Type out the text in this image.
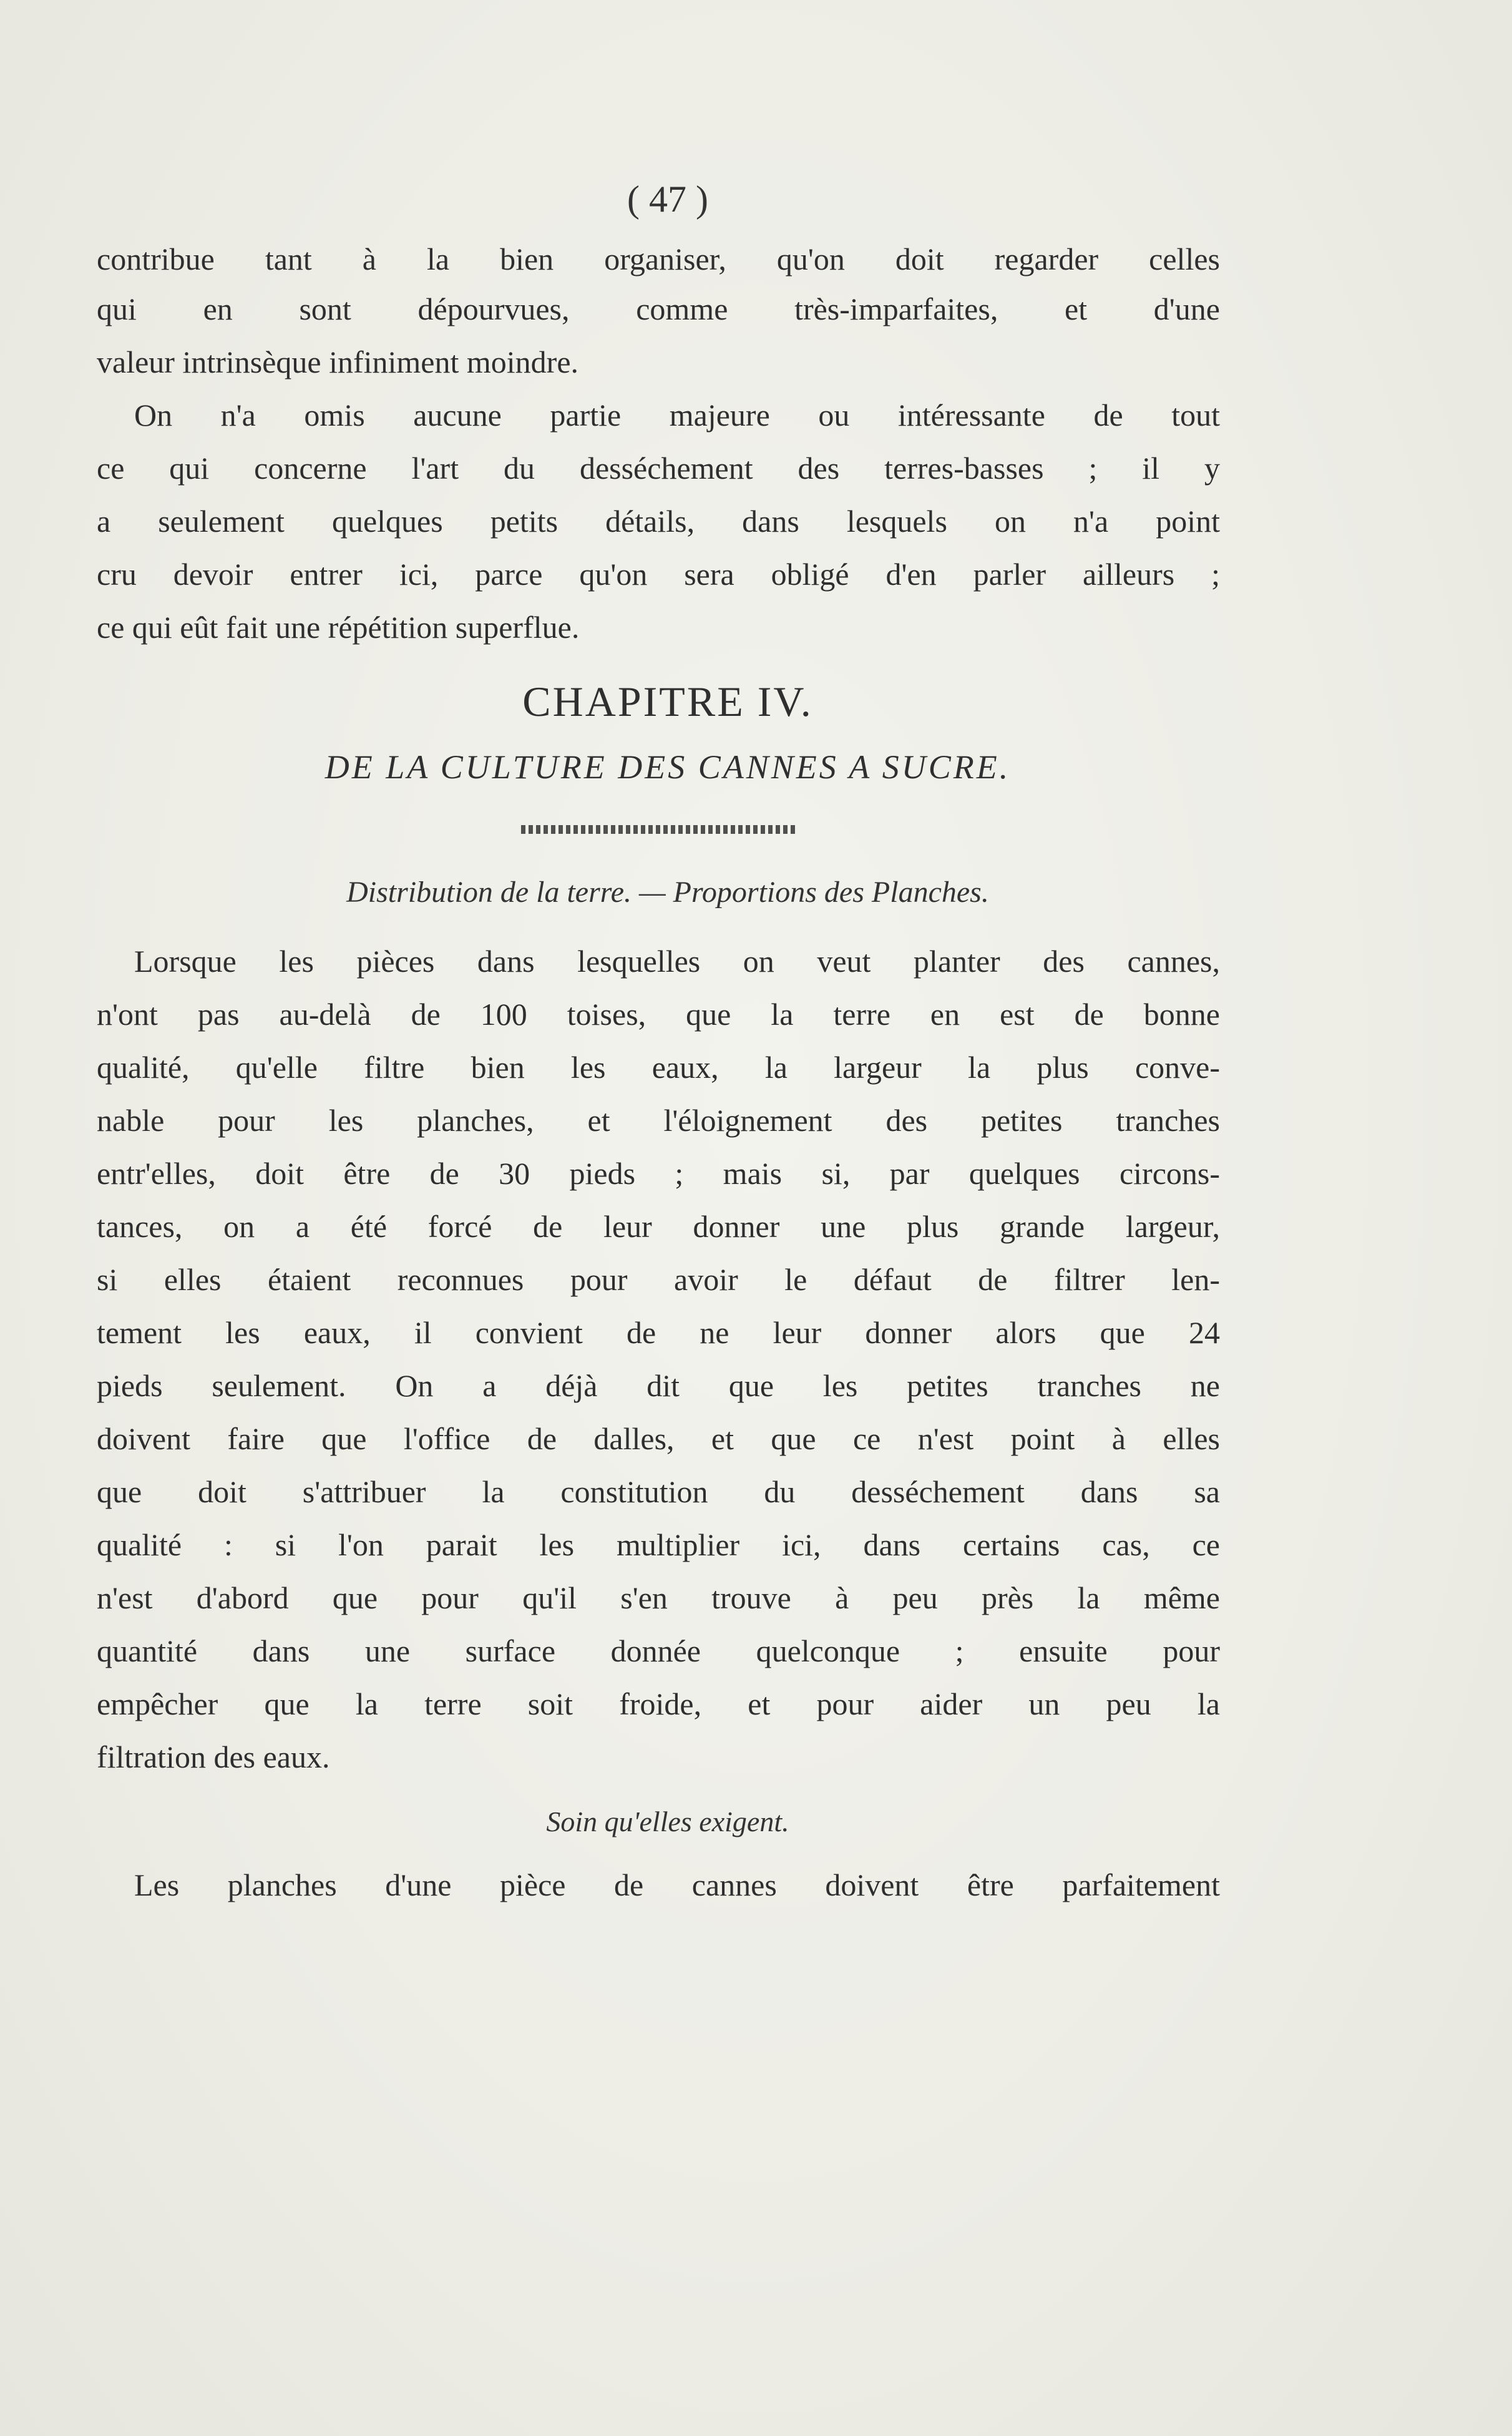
( 47 )
contribue tant à la bien organiser, qu'on doit regarder celles
qui en sont dépourvues, comme très-imparfaites, et d'une
valeur intrinsèque infiniment moindre.
On n'a omis aucune partie majeure ou intéressante de tout
ce qui concerne l'art du desséchement des terres-basses ; il y
a seulement quelques petits détails, dans lesquels on n'a point
cru devoir entrer ici, parce qu'on sera obligé d'en parler ailleurs ;
ce qui eût fait une répétition superflue.
CHAPITRE IV.
DE LA CULTURE DES CANNES A SUCRE.
Distribution de la terre. — Proportions des Planches.
Lorsque les pièces dans lesquelles on veut planter des cannes,
n'ont pas au-delà de 100 toises, que la terre en est de bonne
qualité, qu'elle filtre bien les eaux, la largeur la plus conve-
nable pour les planches, et l'éloignement des petites tranches
entr'elles, doit être de 30 pieds ; mais si, par quelques circons-
tances, on a été forcé de leur donner une plus grande largeur,
si elles étaient reconnues pour avoir le défaut de filtrer len-
tement les eaux, il convient de ne leur donner alors que 24
pieds seulement. On a déjà dit que les petites tranches ne
doivent faire que l'office de dalles, et que ce n'est point à elles
que doit s'attribuer la constitution du desséchement dans sa
qualité : si l'on parait les multiplier ici, dans certains cas, ce
n'est d'abord que pour qu'il s'en trouve à peu près la même
quantité dans une surface donnée quelconque ; ensuite pour
empêcher que la terre soit froide, et pour aider un peu la
filtration des eaux.
Soin qu'elles exigent.
Les planches d'une pièce de cannes doivent être parfaitement
